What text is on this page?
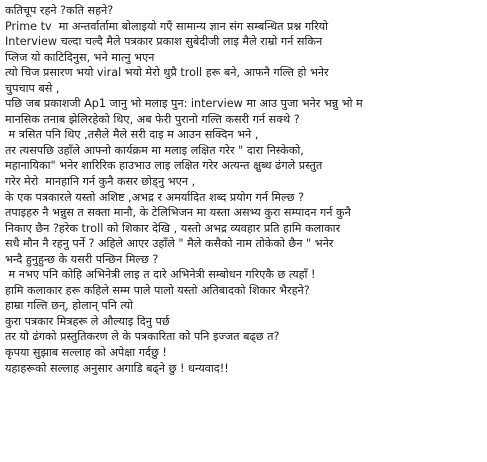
कतिचूप रहने ?कति सहने?
Prime tv  मा अन्तर्वार्तामा बोलाइयो गएँ सामान्य ज्ञान संग सम्बन्धित प्रश्न गरियो
Interview चल्दा चल्दै मैले पत्रकार प्रकाश सुबेदीजी लाइ मैले राम्रो गर्न सकिन
प्लिज यो काटिदिनुस, भने मात्नु भएन
त्यो चिज प्रसारण भयो viral भयो मेरो थुप्रै troll हरू बने, आफनै गल्ति हो भनेर
चुपचाप बसे ,
पछि जब प्रकाशजी Ap1 जानु भो मलाइ पुन: interview मा आउ पुजा भनेर भन्नु भो म
मानसिक तनाब झेलिरहेको थिए, अब फेरी पुरानो गल्ति कसरी गर्न सक्थे ?
म त्रसित पनि थिए ,तसैले मैले सरी दाइ म आउन सक्दिन भने ,
तर त्यसपछि उहाँले आफ्नो कार्यक्रम मा मलाइ लक्षित गरेर " दारा निस्केको,
महानायिका" भनेर शारिरिक हाउभाउ लाइ लक्षित गरेर अत्यन्त क्षुब्ध ढंगले प्रस्तुत
गरेर मेरो  मानहानि गर्न कुनै कसर छोड्नु भएन ,
के एक पत्रकारले यस्तो अशिष्ट ,अभद्र र अमर्यादित शब्द प्रयोग गर्न मिल्छ ?
तपाइहरु नै भन्नुस त सक्ता मानौ, के टेलिभिजन मा यस्ता असभ्य कुरा सम्पादन गर्न कुनै
निकाए छैन ?हरेक troll को शिकार देखि , यस्तो अभद्र व्यवहार प्रति हामि कलाकार
सधै मौन नै रहनु पर्ने ? अहिले आएर उहाँले " मैले कसैको नाम तोकेको छैन " भनेर
भन्दै हुनुहुन्छ के यसरी पन्छिन मिल्छ ?
म नभए पनि कोहि अभिनेत्री लाइ त दारे अभिनेत्री सम्बोधन गरिएकै छ त्यहाँ !
हामि कलाकार हरू कहिले सम्म पाले पालो यस्तो अतिबादको शिकार भैरहने?
हाम्रा गल्ति छन्, होलान् पनि त्यो
कुरा पत्रकार मित्रहरू ले औल्याइ दिनु पर्छ
तर यो ढंगको प्रस्तुतिकरण ले के पत्रकारिता को पनि इज्जत बढ्छ त?
कृपया सुझाब सल्लाह को अपेक्षा गर्दछु !
यहाहरूको सल्लाह अनुसार अगाडि बढ्ने छु ! धन्यवाद!!
